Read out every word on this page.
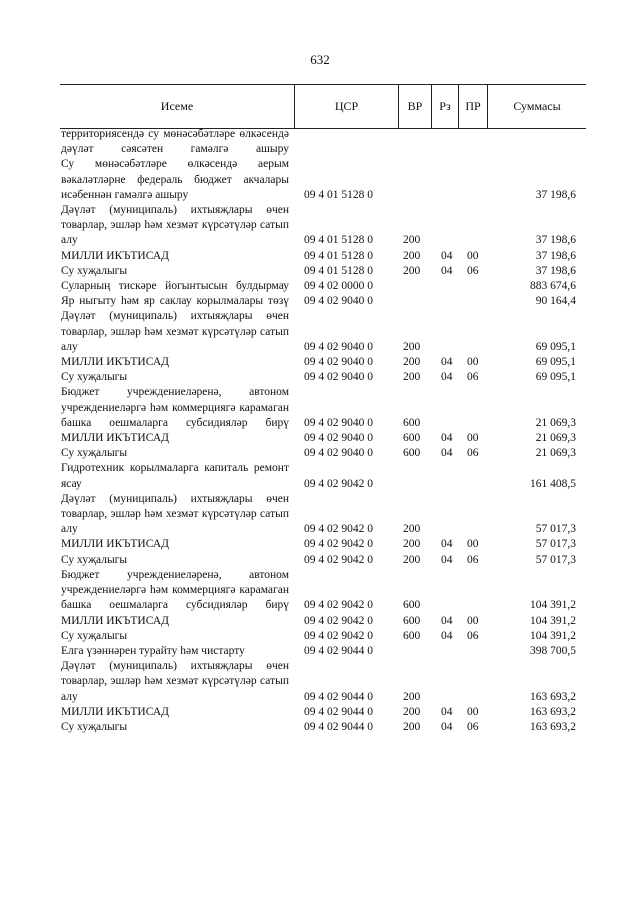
632
Исеме	ЦСР	ВР	Рз	ПР	Суммасы
территориясендә су мөнәсәбәтләре өлкәсендә дәүләт сәясәтен гамәлгә ашыру
Су мөнәсәбәтләре өлкәсендә аерым вәкаләтләрне федераль бюджет акчалары исәбеннән гамәлгә ашыру	09 4 01 5128 0	37 198,6
Дәүләт (муниципаль) ихтыяҗлары өчен товарлар, эшләр һәм хезмәт күрсәтүләр сатып алу	09 4 01 5128 0	200	37 198,6
МИЛЛИ ИКЪТИСАД	09 4 01 5128 0	200 04 00	37 198,6
Су хуҗалыгы	09 4 01 5128 0	200 04 06	37 198,6
Суларның тискәре йогынтысын булдырмау 09 4 02 0000 0	883 674,6
Яр ныгыту һәм яр саклау корылмалары төзү 09 4 02 9040 0	90 164,4
Дәүләт (муниципаль) ихтыяҗлары өчен товарлар, эшләр һәм хезмәт күрсәтүләр сатып алу	09 4 02 9040 0	200	69 095,1
МИЛЛИ ИКЪТИСАД	09 4 02 9040 0	200 04 00	69 095,1
Су хуҗалыгы	09 4 02 9040 0	200 04 06	69 095,1
Бюджет учреждениеләренә, автоном учреждениеләргә һәм коммерциягә карамаган башка оешмаларга субсидияләр бирү 09 4 02 9040 0	600	21 069,3
МИЛЛИ ИКЪТИСАД	09 4 02 9040 0	600 04 00	21 069,3
Су хуҗалыгы	09 4 02 9040 0	600 04 06	21 069,3
Гидротехник корылмаларга капиталь ремонт ясау	09 4 02 9042 0	161 408,5
Дәүләт (муниципаль) ихтыяҗлары өчен товарлар, эшләр һәм хезмәт күрсәтүләр сатып алу	09 4 02 9042 0	200	57 017,3
МИЛЛИ ИКЪТИСАД	09 4 02 9042 0	200 04 00	57 017,3
Су хуҗалыгы	09 4 02 9042 0	200 04 06	57 017,3
Бюджет учреждениеләренә, автоном учреждениеләргә һәм коммерциягә карамаган башка оешмаларга субсидияләр бирү 09 4 02 9042 0	600	104 391,2
МИЛЛИ ИКЪТИСАД	09 4 02 9042 0	600 04 00	104 391,2
Су хуҗалыгы	09 4 02 9042 0	600 04 06	104 391,2
Елга үзәннәрен турайту һәм чистарту	09 4 02 9044 0	398 700,5
Дәүләт (муниципаль) ихтыяҗлары өчен товарлар, эшләр һәм хезмәт күрсәтүләр сатып алу	09 4 02 9044 0	200	163 693,2
МИЛЛИ ИКЪТИСАД	09 4 02 9044 0	200 04 00	163 693,2
Су хуҗалыгы	09 4 02 9044 0	200 04 06	163 693,2
